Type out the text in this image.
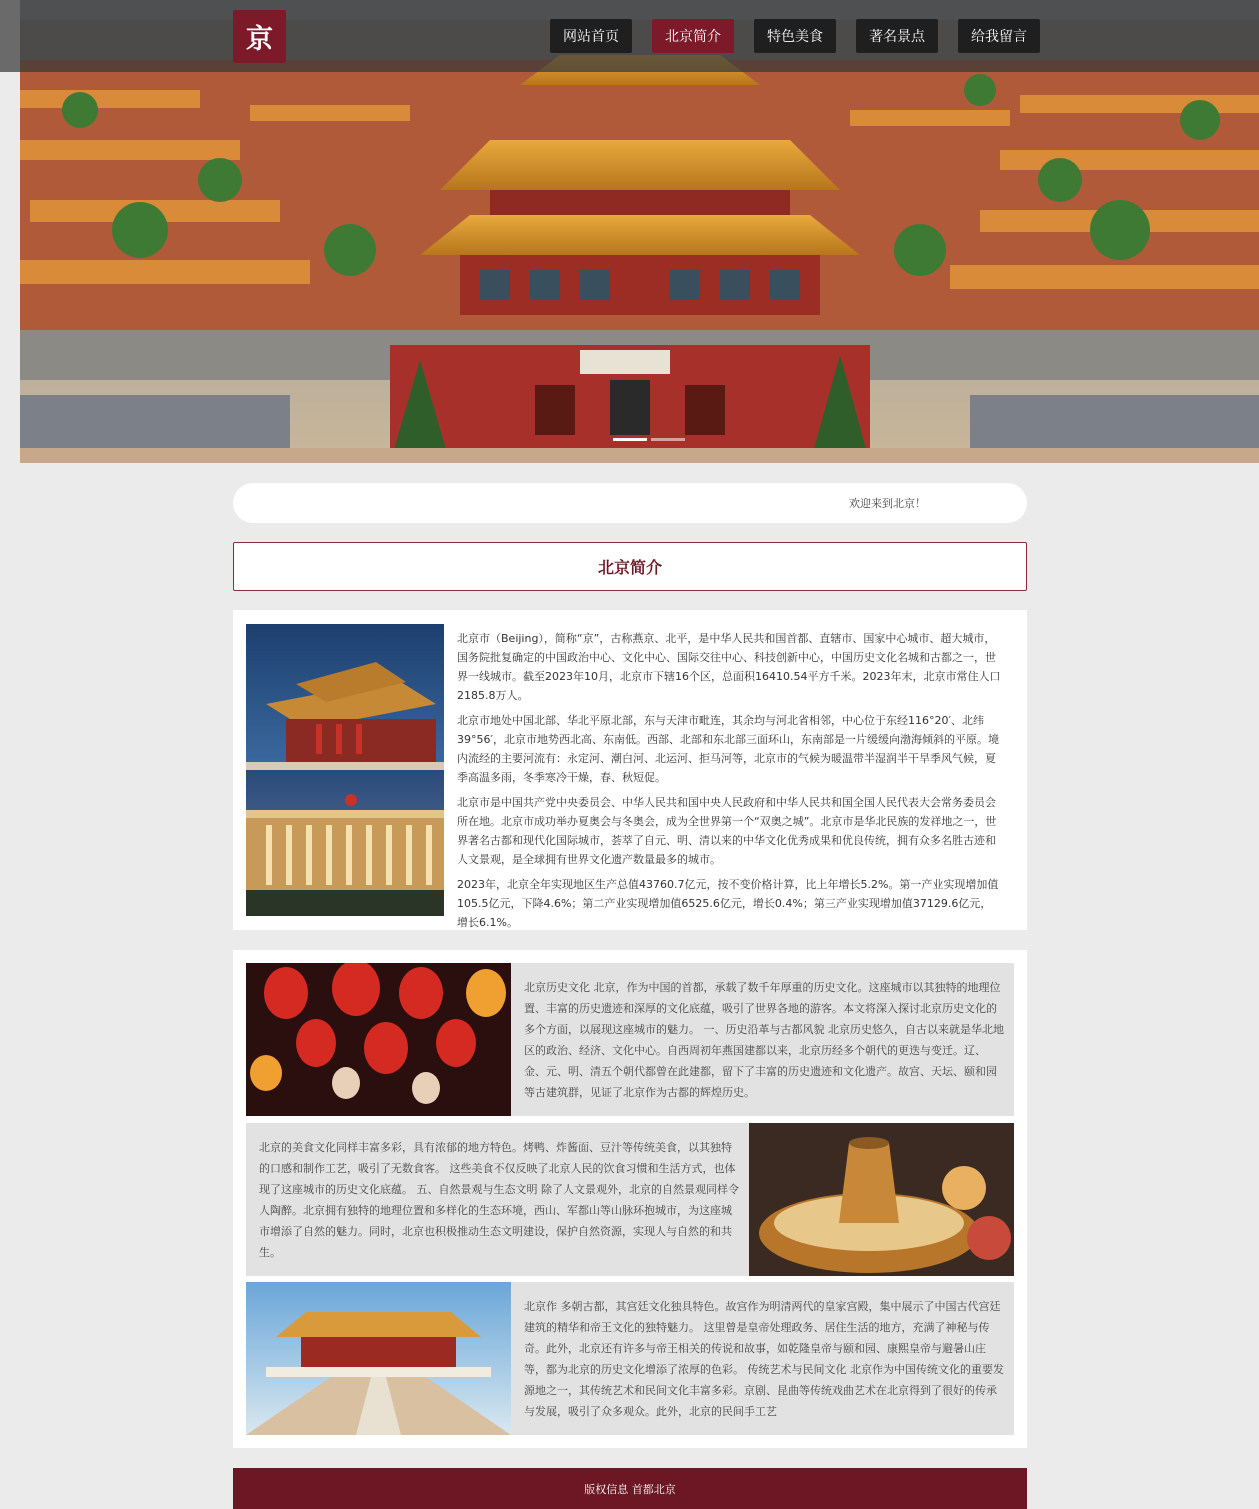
京	网站首页	北京简介	特色美食	著名景点	给我留言
欢迎来到北京！
北京简介

北京市（Beijing），简称“京”，古称燕京、北平，是中华人民共和国首都、直辖市、国家中心城市、超大城市，国务院批复确定的中国政治中心、文化中心、国际交往中心、科技创新中心，中国历史文化名城和古都之一，世界一线城市。截至2023年10月，北京市下辖16个区，总面积16410.54平方千米。2023年末，北京市常住人口2185.8万人。

北京市地处中国北部、华北平原北部，东与天津市毗连，其余均与河北省相邻，中心位于东经116°20′、北纬39°56′，北京市地势西北高、东南低。西部、北部和东北部三面环山，东南部是一片缓缓向渤海倾斜的平原。境内流经的主要河流有：永定河、潮白河、北运河、拒马河等，北京市的气候为暖温带半湿润半干旱季风气候，夏季高温多雨，冬季寒冷干燥，春、秋短促。

北京市是中国共产党中央委员会、中华人民共和国中央人民政府和中华人民共和国全国人民代表大会常务委员会所在地。北京市成功举办夏奥会与冬奥会，成为全世界第一个“双奥之城”。北京市是华北民族的发祥地之一，世界著名古都和现代化国际城市，荟萃了自元、明、清以来的中华文化优秀成果和优良传统，拥有众多名胜古迹和人文景观，是全球拥有世界文化遗产数量最多的城市。

2023年，北京全年实现地区生产总值43760.7亿元，按不变价格计算，比上年增长5.2%。第一产业实现增加值105.5亿元，下降4.6%；第二产业实现增加值6525.6亿元，增长0.4%；第三产业实现增加值37129.6亿元，增长6.1%。

北京历史文化 北京，作为中国的首都，承载了数千年厚重的历史文化。这座城市以其独特的地理位置、丰富的历史遗迹和深厚的文化底蕴，吸引了世界各地的游客。本文将深入探讨北京历史文化的多个方面，以展现这座城市的魅力。 一、历史沿革与古都风貌 北京历史悠久，自古以来就是华北地区的政治、经济、文化中心。自西周初年燕国建都以来，北京历经多个朝代的更迭与变迁。辽、金、元、明、清五个朝代都曾在此建都，留下了丰富的历史遗迹和文化遗产。故宫、天坛、颐和园等古建筑群，见证了北京作为古都的辉煌历史。
北京的美食文化同样丰富多彩，具有浓郁的地方特色。烤鸭、炸酱面、豆汁等传统美食，以其独特的口感和制作工艺，吸引了无数食客。 这些美食不仅反映了北京人民的饮食习惯和生活方式，也体现了这座城市的历史文化底蕴。 五、自然景观与生态文明 除了人文景观外，北京的自然景观同样令人陶醉。北京拥有独特的地理位置和多样化的生态环境，西山、军都山等山脉环抱城市，为这座城市增添了自然的魅力。同时，北京也积极推动生态文明建设，保护自然资源，实现人与自然的和共生。
北京作 多朝古都，其宫廷文化独具特色。故宫作为明清两代的皇家宫殿，集中展示了中国古代宫廷建筑的精华和帝王文化的独特魅力。 这里曾是皇帝处理政务、居住生活的地方，充满了神秘与传奇。此外，北京还有许多与帝王相关的传说和故事，如乾隆皇帝与颐和园、康熙皇帝与避暑山庄等，都为北京的历史文化增添了浓厚的色彩。 传统艺术与民间文化 北京作为中国传统文化的重要发源地之一，其传统艺术和民间文化丰富多彩。京剧、昆曲等传统戏曲艺术在北京得到了很好的传承与发展，吸引了众多观众。此外，北京的民间手工艺
版权信息 首都北京
